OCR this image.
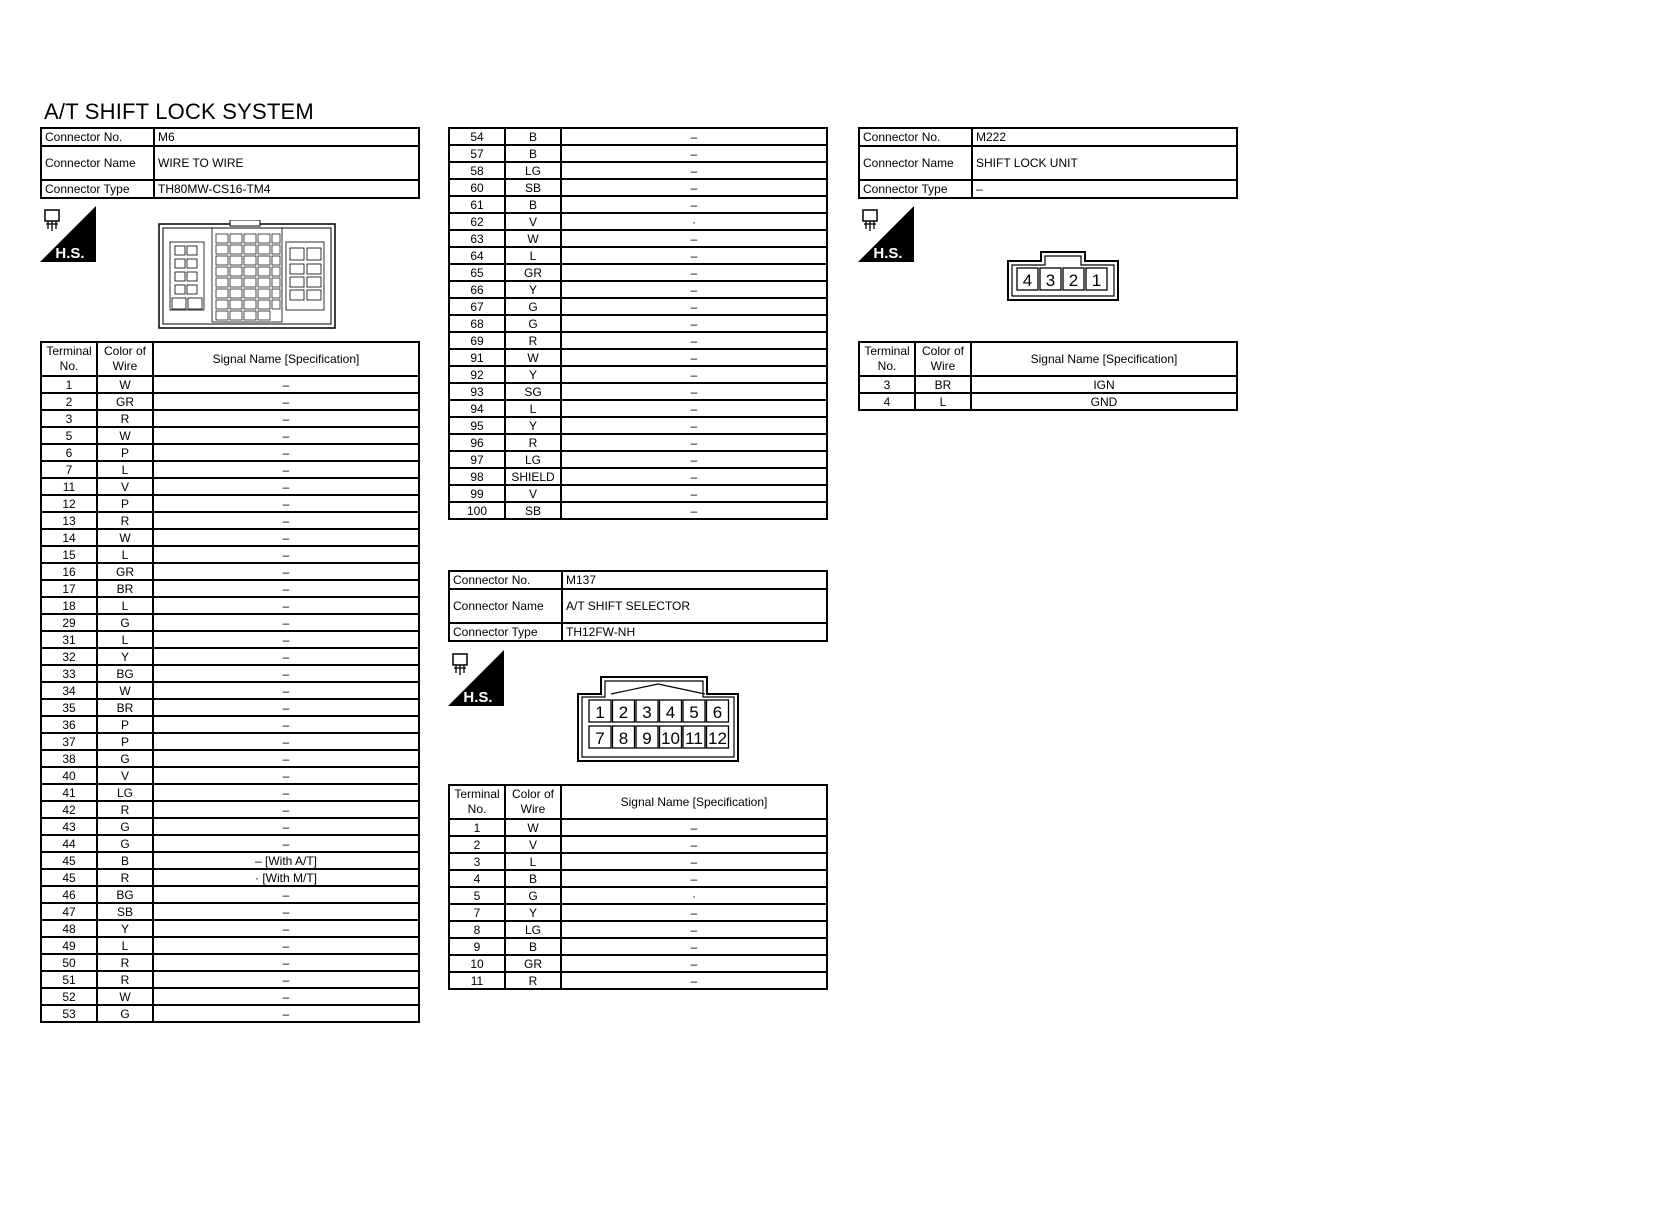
A/T SHIFT LOCK SYSTEM
Connector No.	M6
Connector Name	WIRE TO WIRE
Connector Type	TH80MW-CS16-TM4
H.S.
Terminal No.	Color of Wire	Signal Name [Specification]
1	W	–
2	GR	–
3	R	–
5	W	–
6	P	–
7	L	–
11	V	–
12	P	–
13	R	–
14	W	–
15	L	–
16	GR	–
17	BR	–
18	L	–
29	G	–
31	L	–
32	Y	–
33	BG	–
34	W	–
35	BR	–
36	P	–
37	P	–
38	G	–
40	V	–
41	LG	–
42	R	–
43	G	–
44	G	–
45	B	– [With A/T]
45	R	· [With M/T]
46	BG	–
47	SB	–
48	Y	–
49	L	–
50	R	–
51	R	–
52	W	–
53	G	–
54	B	–
57	B	–
58	LG	–
60	SB	–
61	B	–
62	V	·
63	W	–
64	L	–
65	GR	–
66	Y	–
67	G	–
68	G	–
69	R	–
91	W	–
92	Y	–
93	SG	–
94	L	–
95	Y	–
96	R	–
97	LG	–
98	SHIELD	–
99	V	–
100	SB	–
Connector No.	M137
Connector Name	A/T SHIFT SELECTOR
Connector Type	TH12FW-NH
H.S.
1 2 3 4 5 6
7 8 9 10 11 12
Terminal No.	Color of Wire	Signal Name [Specification]
1	W	–
2	V	–
3	L	–
4	B	–
5	G	·
7	Y	–
8	LG	–
9	B	–
10	GR	–
11	R	–
Connector No.	M222
Connector Name	SHIFT LOCK UNIT
Connector Type	–
H.S.
4 3 2 1
Terminal No.	Color of Wire	Signal Name [Specification]
3	BR	IGN
4	L	GND
